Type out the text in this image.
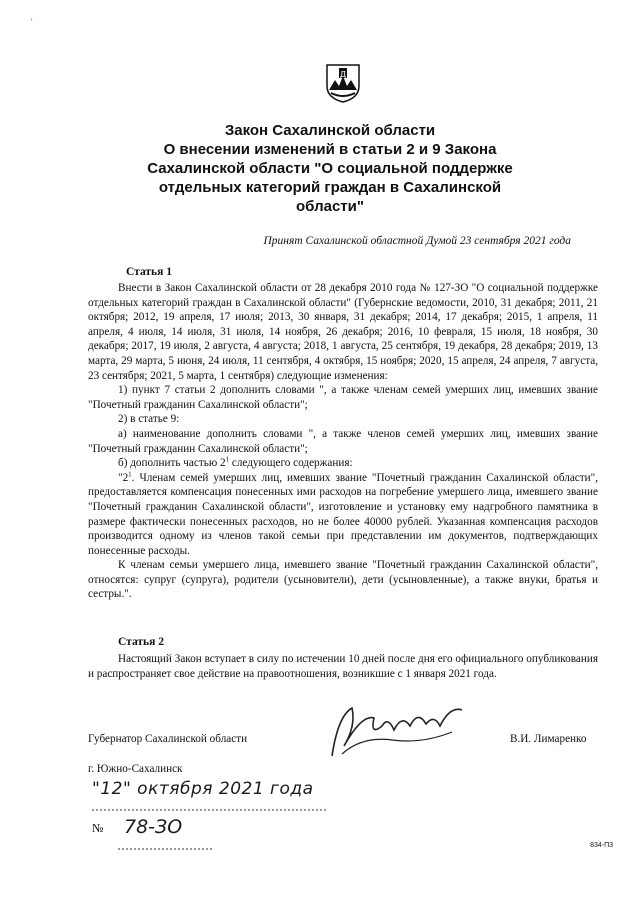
ʾ
Д
Закон Сахалинской области
О внесении изменений в статьи 2 и 9 Закона
Сахалинской области "О социальной поддержке
отдельных категорий граждан в Сахалинской
области"
Принят Сахалинской областной Думой 23 сентября 2021 года
Статья 1

Внести в Закон Сахалинской области от 28 декабря 2010 года № 127-ЗО "О социальной поддержке отдельных категорий граждан в Сахалинской области" (Губернские ведомости, 2010, 31 декабря; 2011, 21 октября; 2012, 19 апреля, 17 июля; 2013, 30 января, 31 декабря; 2014, 17 декабря; 2015, 1 апреля, 11 апреля, 4 июля, 14 июля, 31 июля, 14 ноября, 26 декабря; 2016, 10 февраля, 15 июля, 18 ноября, 30 декабря; 2017, 19 июля, 2 августа, 4 августа; 2018, 1 августа, 25 сентября, 19 декабря, 28 декабря; 2019, 13 марта, 29 марта, 5 июня, 24 июля, 11 сентября, 4 октября, 15 ноября; 2020, 15 апреля, 24 апреля, 7 августа, 23 сентября; 2021, 5 марта, 1 сентября) следующие изменения:

1) пункт 7 статьи 2 дополнить словами ", а также членам семей умерших лиц, имевших звание "Почетный гражданин Сахалинской области";

2) в статье 9:

а) наименование дополнить словами ", а также членов семей умерших лиц, имевших звание "Почетный гражданин Сахалинской области";

б) дополнить частью $2^1$ следующего содержания:

"$2^1$. Членам семей умерших лиц, имевших звание "Почетный гражданин Сахалинской области", предоставляется компенсация понесенных ими расходов на погребение умершего лица, имевшего звание "Почетный гражданин Сахалинской области", изготовление и установку ему надгробного памятника в размере фактически понесенных расходов, но не более 40000 рублей. Указанная компенсация расходов производится одному из членов такой семьи при представлении им документов, подтверждающих понесенные расходы.

К членам семьи умершего лица, имевшего звание "Почетный гражданин Сахалинской области", относятся: супруг (супруга), родители (усыновители), дети (усыновленные), а также внуки, братья и сестры.".

Статья 2

Настоящий Закон вступает в силу по истечении 10 дней после дня его официального опубликования и распространяет свое действие на правоотношения, возникшие с 1 января 2021 года.

Губернатор Сахалинской области	В.И. Лимаренко
г. Южно-Сахалинск
"12" октября 2021 года
№ 78-ЗО
834-П3
